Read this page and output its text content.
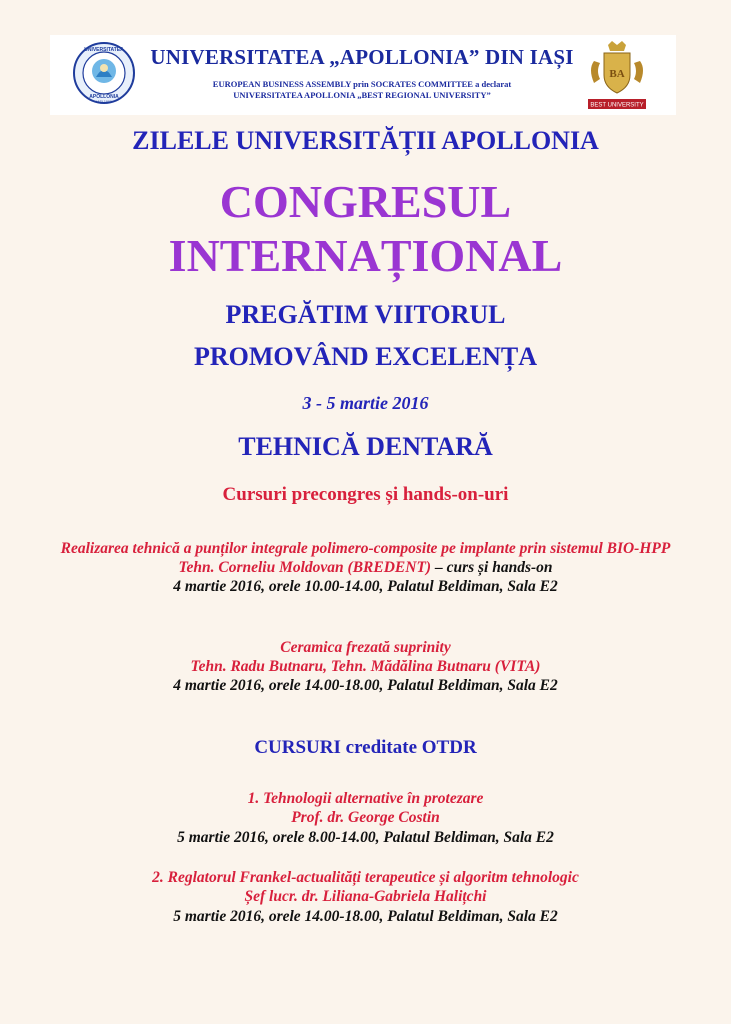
UNIVERSITATEA
APOLLONIA
IAȘI 1990
UNIVERSITATEA „APOLLONIA” DIN IAȘI
EUROPEAN BUSINESS ASSEMBLY prin SOCRATES COMMITTEE a declarat
UNIVERSITATEA APOLLONIA „BEST REGIONAL UNIVERSITY”
BA
BEST UNIVERSITY
ZILELE UNIVERSITĂȚII APOLLONIA
CONGRESUL
INTERNAȚIONAL
PREGĂTIM VIITORUL
PROMOVÂND EXCELENȚA
3 - 5 martie 2016
TEHNICĂ DENTARĂ
Cursuri precongres și hands-on-uri
Realizarea tehnică a punților integrale polimero-composite pe implante prin sistemul BIO-HPP
Tehn. Corneliu Moldovan (BREDENT) – curs și hands-on
4 martie 2016, orele 10.00-14.00, Palatul Beldiman, Sala E2
Ceramica frezată suprinity
Tehn. Radu Butnaru, Tehn. Mădălina Butnaru (VITA)
4 martie 2016, orele 14.00-18.00, Palatul Beldiman, Sala E2
CURSURI creditate OTDR
1. Tehnologii alternative în protezare
Prof. dr. George Costin
5 martie 2016, orele 8.00-14.00, Palatul Beldiman, Sala E2
2. Reglatorul Frankel-actualități terapeutice și algoritm tehnologic
Șef lucr. dr. Liliana-Gabriela Halițchi
5 martie 2016, orele 14.00-18.00, Palatul Beldiman, Sala E2
